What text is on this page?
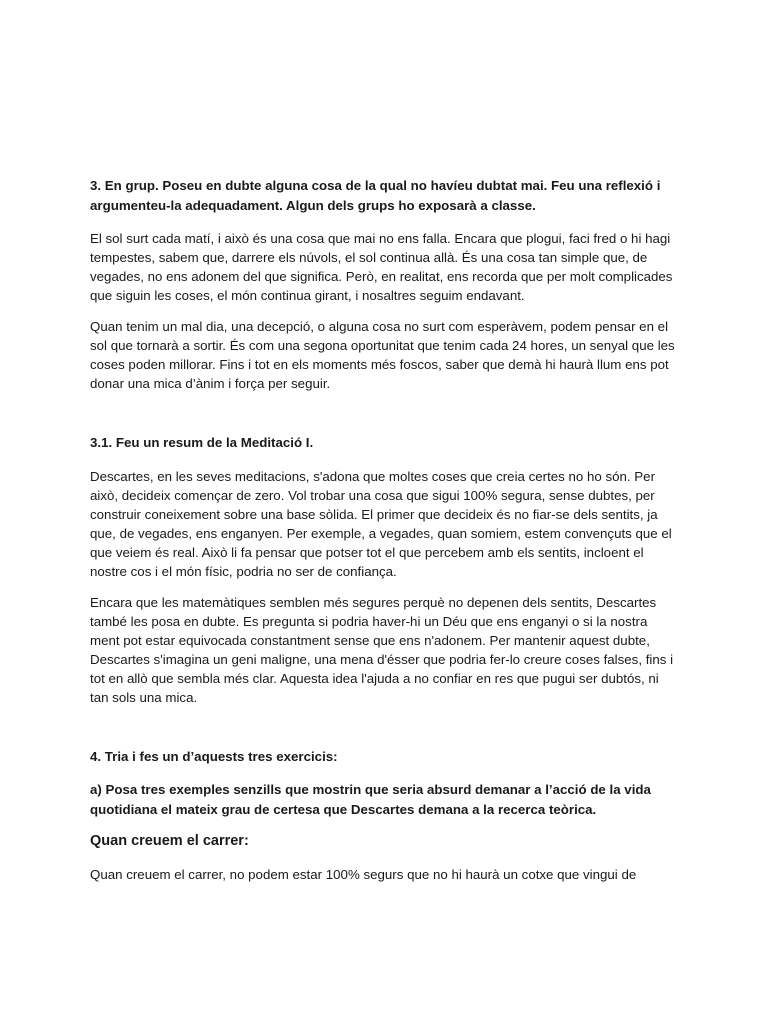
3. En grup. Poseu en dubte alguna cosa de la qual no havíeu dubtat mai. Feu una reflexió i argumenteu-la adequadament. Algun dels grups ho exposarà a classe.

El sol surt cada matí, i això és una cosa que mai no ens falla. Encara que plogui, faci fred o hi hagi tempestes, sabem que, darrere els núvols, el sol continua allà. És una cosa tan simple que, de vegades, no ens adonem del que significa. Però, en realitat, ens recorda que per molt complicades que siguin les coses, el món continua girant, i nosaltres seguim endavant.

Quan tenim un mal dia, una decepció, o alguna cosa no surt com esperàvem, podem pensar en el sol que tornarà a sortir. És com una segona oportunitat que tenim cada 24 hores, un senyal que les coses poden millorar. Fins i tot en els moments més foscos, saber que demà hi haurà llum ens pot donar una mica d’ànim i força per seguir.

3.1. Feu un resum de la Meditació I.

Descartes, en les seves meditacions, s'adona que moltes coses que creia certes no ho són. Per això, decideix començar de zero. Vol trobar una cosa que sigui 100% segura, sense dubtes, per construir coneixement sobre una base sòlida. El primer que decideix és no fiar-se dels sentits, ja que, de vegades, ens enganyen. Per exemple, a vegades, quan somiem, estem convençuts que el que veiem és real. Això li fa pensar que potser tot el que percebem amb els sentits, incloent el nostre cos i el món físic, podria no ser de confiança.

Encara que les matemàtiques semblen més segures perquè no depenen dels sentits, Descartes també les posa en dubte. Es pregunta si podria haver-hi un Déu que ens enganyi o si la nostra ment pot estar equivocada constantment sense que ens n'adonem. Per mantenir aquest dubte, Descartes s'imagina un geni maligne, una mena d'ésser que podria fer-lo creure coses falses, fins i tot en allò que sembla més clar. Aquesta idea l'ajuda a no confiar en res que pugui ser dubtós, ni tan sols una mica.

4. Tria i fes un d’aquests tres exercicis:

a) Posa tres exemples senzills que mostrin que seria absurd demanar a l’acció de la vida quotidiana el mateix grau de certesa que Descartes demana a la recerca teòrica.

Quan creuem el carrer:

Quan creuem el carrer, no podem estar 100% segurs que no hi haurà un cotxe que vingui de
